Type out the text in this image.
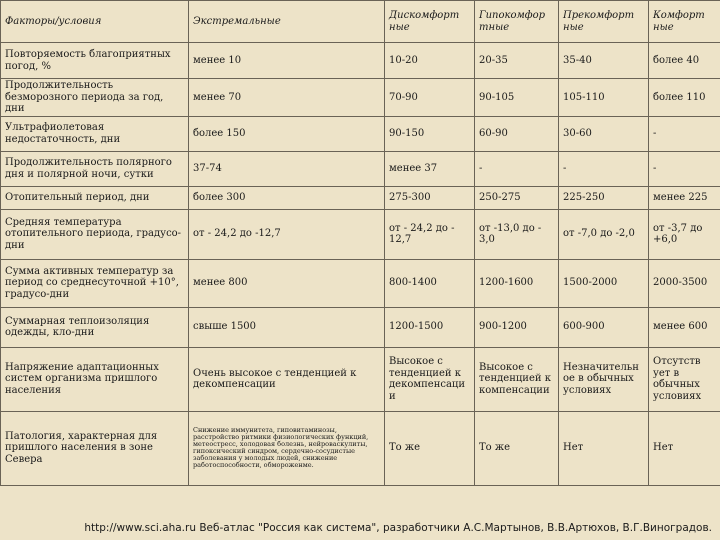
Факторы/условия	Экстремальные	Дискомфорт ные	Гипокомфор тные	Прекомфорт ные	Комфорт ные
Повторяемость благоприятных погод, %	менее 10	10-20	20-35	35-40	более 40
Продолжительность безморозного периода за год, дни	менее 70	70-90	90-105	105-110	более 110
Ультрафиолетовая недостаточность, дни	более 150	90-150	60-90	30-60	-
Продолжительность полярного дня и полярной ночи, сутки	37-74	менее 37	-	-	-
Отопительный период, дни	более 300	275-300	250-275	225-250	менее 225
Средняя температура отопительного периода, градусо-дни	от - 24,2 до -12,7	от - 24,2 до - 12,7	от -13,0 до - 3,0	от -7,0 до -2,0	от -3,7 до +6,0
Сумма активных температур за период со среднесуточной +10°, градусо-дни	менее 800	800-1400	1200-1600	1500-2000	2000-3500
Суммарная теплоизоляция одежды, кло-дни	свыше 1500	1200-1500	900-1200	600-900	менее 600
Напряжение адаптационных систем организма пришлого населения	Очень высокое с тенденцией к декомпенсации	Высокое с тенденцией к декомпенсаци и	Высокое с тенденцией к компенсации	Незначительн ое в обычных условиях	Отсутств ует в обычных условиях
Патология, характерная для пришлого населения в зоне Севера	Снижение иммунитета, гиповитаминозы, расстройство ритмики физиологических функций, метеостресс, холодовая болезнь, нейроваскулиты, гипоксический синдром, сердечно-сосудистые заболевания у молодых людей, снижение работоспособности, обмороженме.	То же	То же	Нет	Нет
http://www.sci.aha.ru Веб-атлас "Россия как система", разработчики А.С.Мартынов, В.В.Артюхов, В.Г.Виноградов.
